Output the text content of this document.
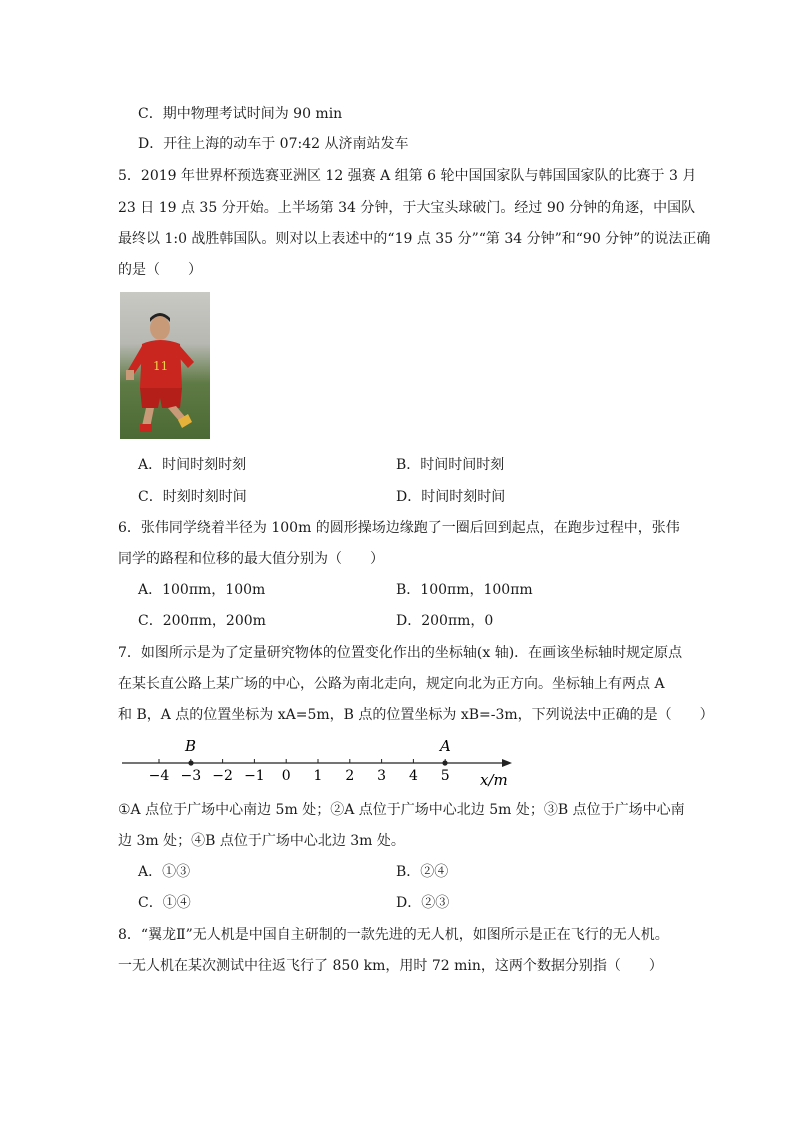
C．期中物理考试时间为 90 min
D．开往上海的动车于 07:42 从济南站发车
5．2019 年世界杯预选赛亚洲区 12 强赛 A 组第 6 轮中国国家队与韩国国家队的比赛于 3 月
23 日 19 点 35 分开始。上半场第 34 分钟，于大宝头球破门。经过 90 分钟的角逐，中国队
最终以 1:0 战胜韩国队。则对以上表述中的“19 点 35 分”“第 34 分钟”和“90 分钟”的说法正确
的是（　　）
11
A．时间时刻时刻	B．时间时间时刻
C．时刻时刻时间	D．时间时刻时间
6．张伟同学绕着半径为 100m 的圆形操场边缘跑了一圈后回到起点，在跑步过程中，张伟
同学的路程和位移的最大值分别为（　　）
A．100πm，100m	B．100πm，100πm
C．200πm，200m	D．200πm，0
7．如图所示是为了定量研究物体的位置变化作出的坐标轴(x 轴)．在画该坐标轴时规定原点
在某长直公路上某广场的中心，公路为南北走向，规定向北为正方向。坐标轴上有两点 A
和 B，A 点的位置坐标为 xA=5m，B 点的位置坐标为 xB=-3m，下列说法中正确的是（　　）
−4 −3 −2 −1 0 1 2 3 4 5
B	A
x/m
①A 点位于广场中心南边 5m 处；②A 点位于广场中心北边 5m 处；③B 点位于广场中心南
边 3m 处；④B 点位于广场中心北边 3m 处。
A．①③	B．②④
C．①④	D．②③
8．“翼龙Ⅱ”无人机是中国自主研制的一款先进的无人机，如图所示是正在飞行的无人机。
一无人机在某次测试中往返飞行了 850 km，用时 72 min，这两个数据分别指（　　）
